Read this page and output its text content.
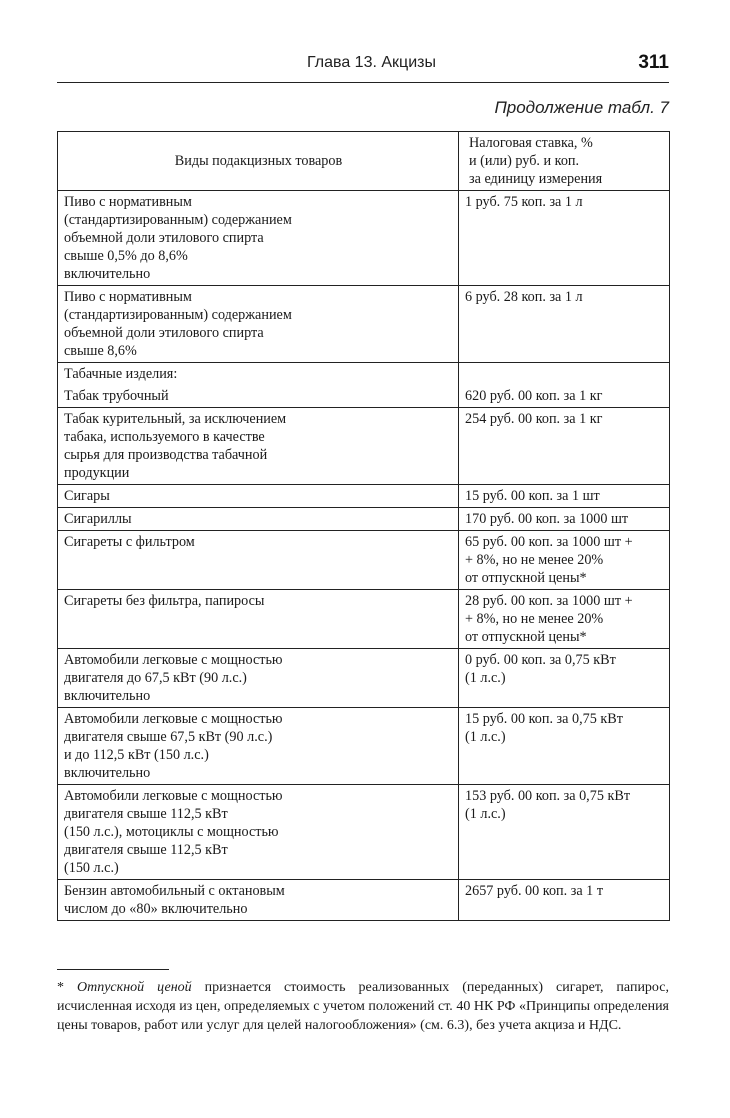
Глава 13. Акцизы	311
Продолжение табл. 7
Виды подакцизных товаров	Налоговая ставка, %
и (или) руб. и коп.
за единицу измерения

Пиво с нормативным
(стандартизированным) содержанием
объемной доли этилового спирта
свыше 0,5% до 8,6%
включительно	1 руб. 75 коп. за 1 л

Пиво с нормативным
(стандартизированным) содержанием
объемной доли этилового спирта
свыше 8,6%	6 руб. 28 коп. за 1 л

Табачные изделия:
Табак трубочный	620 руб. 00 коп. за 1 кг

Табак курительный, за исключением
табака, используемого в качестве
сырья для производства табачной
продукции	254 руб. 00 коп. за 1 кг

Сигары	15 руб. 00 коп. за 1 шт

Сигариллы	170 руб. 00 коп. за 1000 шт

Сигареты с фильтром	65 руб. 00 коп. за 1000 шт +
+ 8%, но не менее 20%
от отпускной цены*

Сигареты без фильтра, папиросы	28 руб. 00 коп. за 1000 шт +
+ 8%, но не менее 20%
от отпускной цены*

Автомобили легковые с мощностью
двигателя до 67,5 кВт (90 л.с.)
включительно	0 руб. 00 коп. за 0,75 кВт
(1 л.с.)

Автомобили легковые с мощностью
двигателя свыше 67,5 кВт (90 л.с.)
и до 112,5 кВт (150 л.с.)
включительно	15 руб. 00 коп. за 0,75 кВт
(1 л.с.)

Автомобили легковые с мощностью
двигателя свыше 112,5 кВт
(150 л.с.), мотоциклы с мощностью
двигателя свыше 112,5 кВт
(150 л.с.)	153 руб. 00 коп. за 0,75 кВт
(1 л.с.)

Бензин автомобильный с октановым
числом до «80» включительно	2657 руб. 00 коп. за 1 т
* Отпускной ценой признается стоимость реализованных (переданных) сигарет, папирос, исчисленная исходя из цен, определяемых с учетом положений ст. 40 НК РФ «Принципы определения цены товаров, работ или услуг для целей налогообложения» (см. 6.3), без учета акциза и НДС.
